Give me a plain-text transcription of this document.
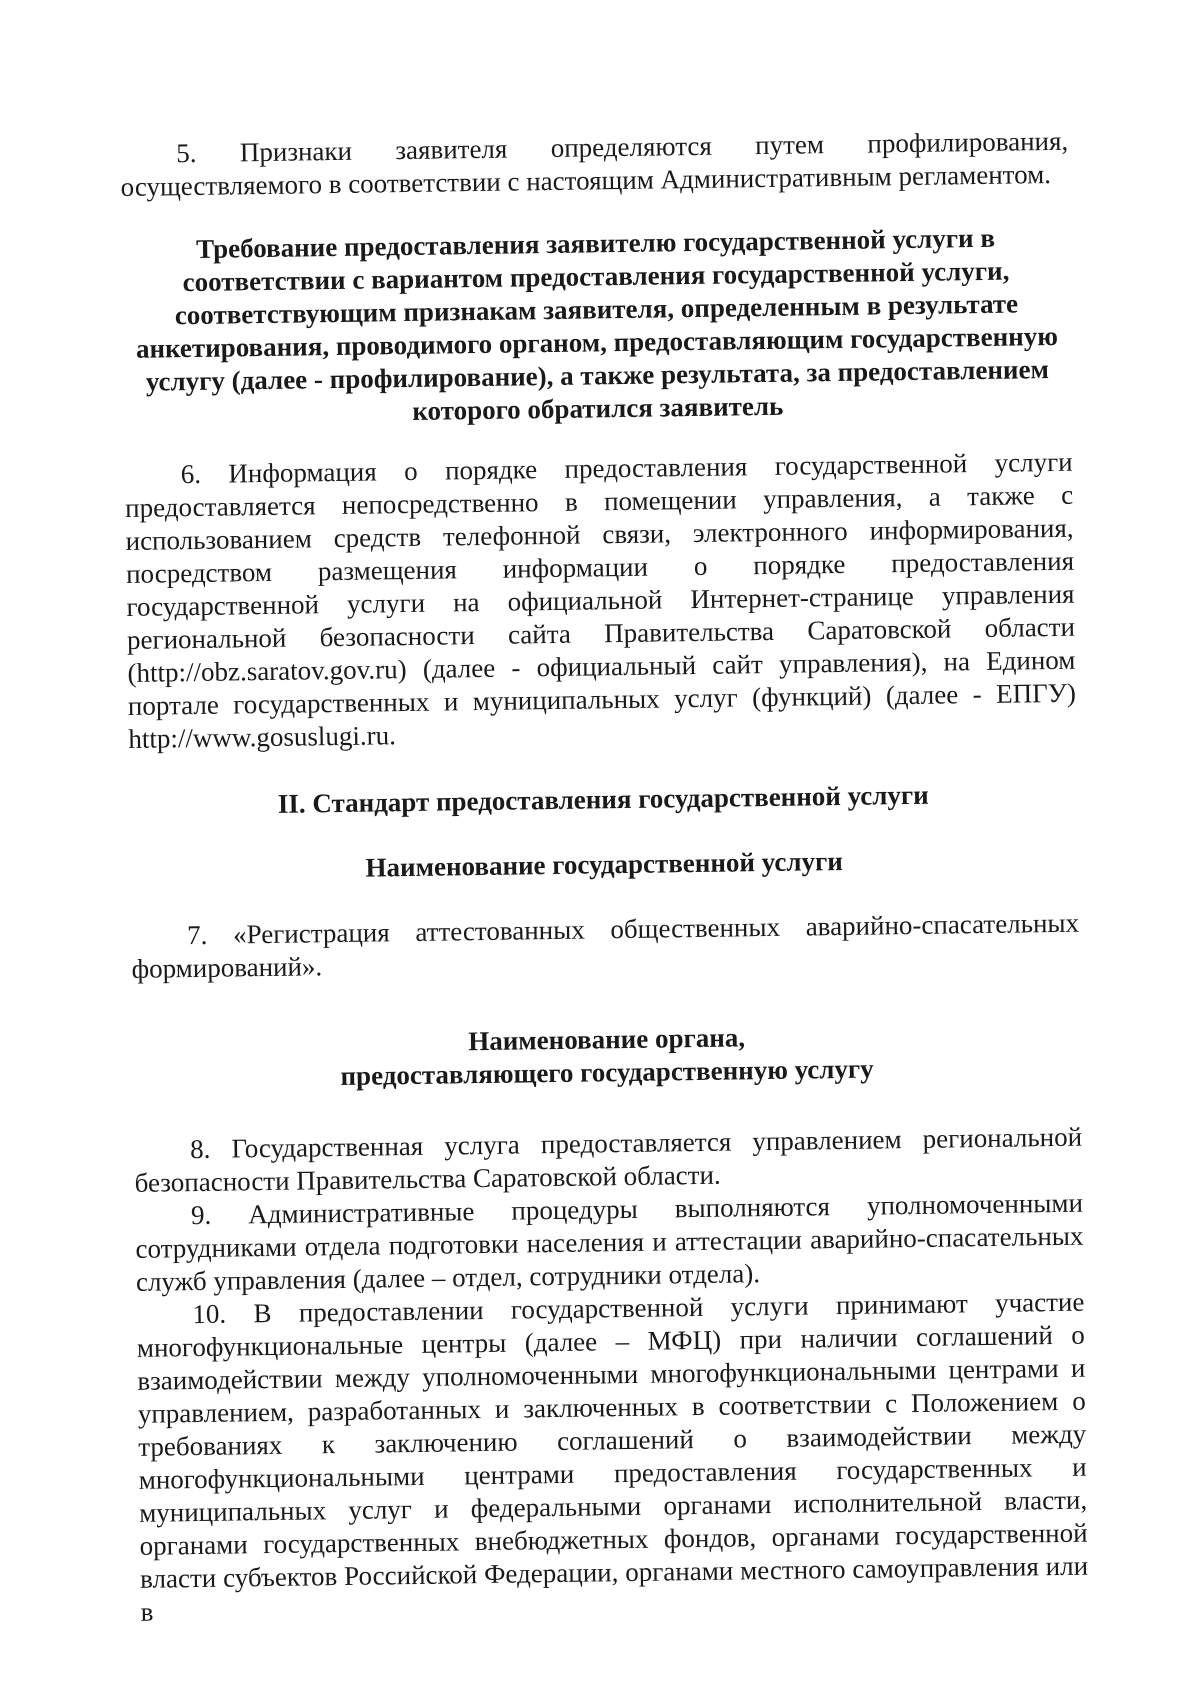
5. Признаки заявителя определяются путем профилирования, осуществляемого в соответствии с настоящим Административным регламентом.

Требование предоставления заявителю государственной услуги в соответствии с вариантом предоставления государственной услуги, соответствующим признакам заявителя, определенным в результате анкетирования, проводимого органом, предоставляющим государственную услугу (далее - профилирование), а также результата, за предоставлением которого обратился заявитель

6. Информация о порядке предоставления государственной услуги предоставляется непосредственно в помещении управления, а также с использованием средств телефонной связи, электронного информирования, посредством размещения информации о порядке предоставления государственной услуги на официальной Интернет-странице управления региональной безопасности сайта Правительства Саратовской области (http://obz.saratov.gov.ru) (далее - официальный сайт управления), на Едином портале государственных и муниципальных услуг (функций) (далее - ЕПГУ) http://www.gosuslugi.ru.

II. Стандарт предоставления государственной услуги

Наименование государственной услуги

7. «Регистрация аттестованных общественных аварийно-спасательных формирований».

Наименование органа,

предоставляющего государственную услугу

8. Государственная услуга предоставляется управлением региональной безопасности Правительства Саратовской области.

9. Административные процедуры выполняются уполномоченными сотрудниками отдела подготовки населения и аттестации аварийно-спасательных служб управления (далее – отдел, сотрудники отдела).

10. В предоставлении государственной услуги принимают участие многофункциональные центры (далее – МФЦ) при наличии соглашений о взаимодействии между уполномоченными многофункциональными центрами и управлением, разработанных и заключенных в соответствии с Положением о требованиях к заключению соглашений о взаимодействии между многофункциональными центрами предоставления государственных и муниципальных услуг и федеральными органами исполнительной власти, органами государственных внебюджетных фондов, органами государственной власти субъектов Российской Федерации, органами местного самоуправления или в
